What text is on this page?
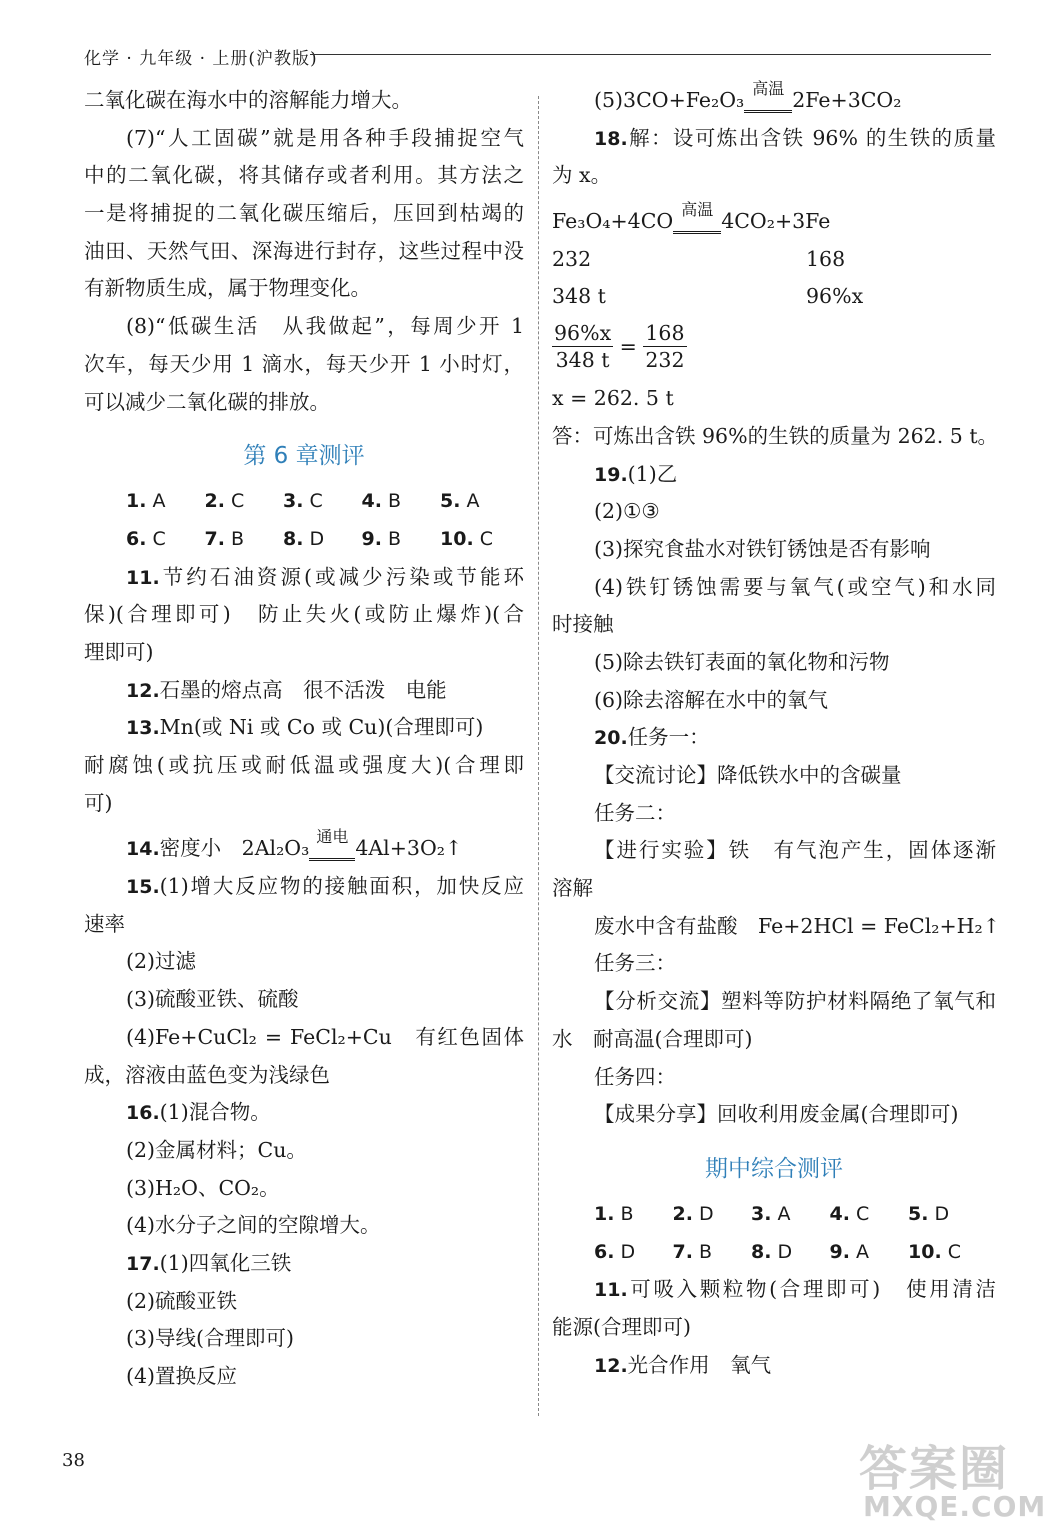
化学 · 九年级 · 上册(沪教版)
二氧化碳在海水中的溶解能力增大。
(7)“人工固碳”就是用各种手段捕捉空气
中的二氧化碳，将其储存或者利用。其方法之
一是将捕捉的二氧化碳压缩后，压回到枯竭的
油田、天然气田、深海进行封存，这些过程中没
有新物质生成，属于物理变化。
(8)“低碳生活　从我做起”，每周少开 1
次车，每天少用 1 滴水，每天少开 1 小时灯，
可以减少二氧化碳的排放。
第 6 章测评
1. A	2. C	3. C	4. B	5. A
6. C	7. B	8. D	9. B	10. C
11.节约石油资源(或减少污染或节能环
保)(合理即可)　防止失火(或防止爆炸)(合
理即可)
12.石墨的熔点高　很不活泼　电能
13.Mn(或 Ni 或 Co 或 Cu)(合理即可)
耐腐蚀(或抗压或耐低温或强度大)(合理即
可)
14.密度小　2Al₂O₃ $^{通电}$ 4Al+3O₂↑
15.(1)增大反应物的接触面积，加快反应
速率
(2)过滤
(3)硫酸亚铁、硫酸
(4)Fe+CuCl₂ = FeCl₂+Cu　有红色固体
成，溶液由蓝色变为浅绿色
16.(1)混合物。
(2)金属材料；Cu。
(3)H₂O、CO₂。
(4)水分子之间的空隙增大。
17.(1)四氧化三铁
(2)硫酸亚铁
(3)导线(合理即可)
(4)置换反应
(5)3CO+Fe₂O₃ $^{高温}$ 2Fe+3CO₂
18.解：设可炼出含铁 96% 的生铁的质量
为 x。
Fe₃O₄+4CO $^{高温}$ 4CO₂+3Fe
232	168
348 t	96%x
$\frac{96\%x}{348 t} = \frac{168}{232}$
x = 262. 5 t
答：可炼出含铁 96%的生铁的质量为 262. 5 t。
19.(1)乙
(2)①③
(3)探究食盐水对铁钉锈蚀是否有影响
(4)铁钉锈蚀需要与氧气(或空气)和水同
时接触
(5)除去铁钉表面的氧化物和污物
(6)除去溶解在水中的氧气
20.任务一：
【交流讨论】降低铁水中的含碳量
任务二：
【进行实验】铁　有气泡产生，固体逐渐
溶解
废水中含有盐酸　Fe+2HCl = FeCl₂+H₂↑
任务三：
【分析交流】塑料等防护材料隔绝了氧气和
水　耐高温(合理即可)
任务四：
【成果分享】回收利用废金属(合理即可)
期中综合测评
1. B	2. D	3. A	4. C	5. D
6. D	7. B	8. D	9. A	10. C
11.可吸入颗粒物(合理即可)　使用清洁
能源(合理即可)
12.光合作用　氧气
38	答案圈
MXQE.COM
